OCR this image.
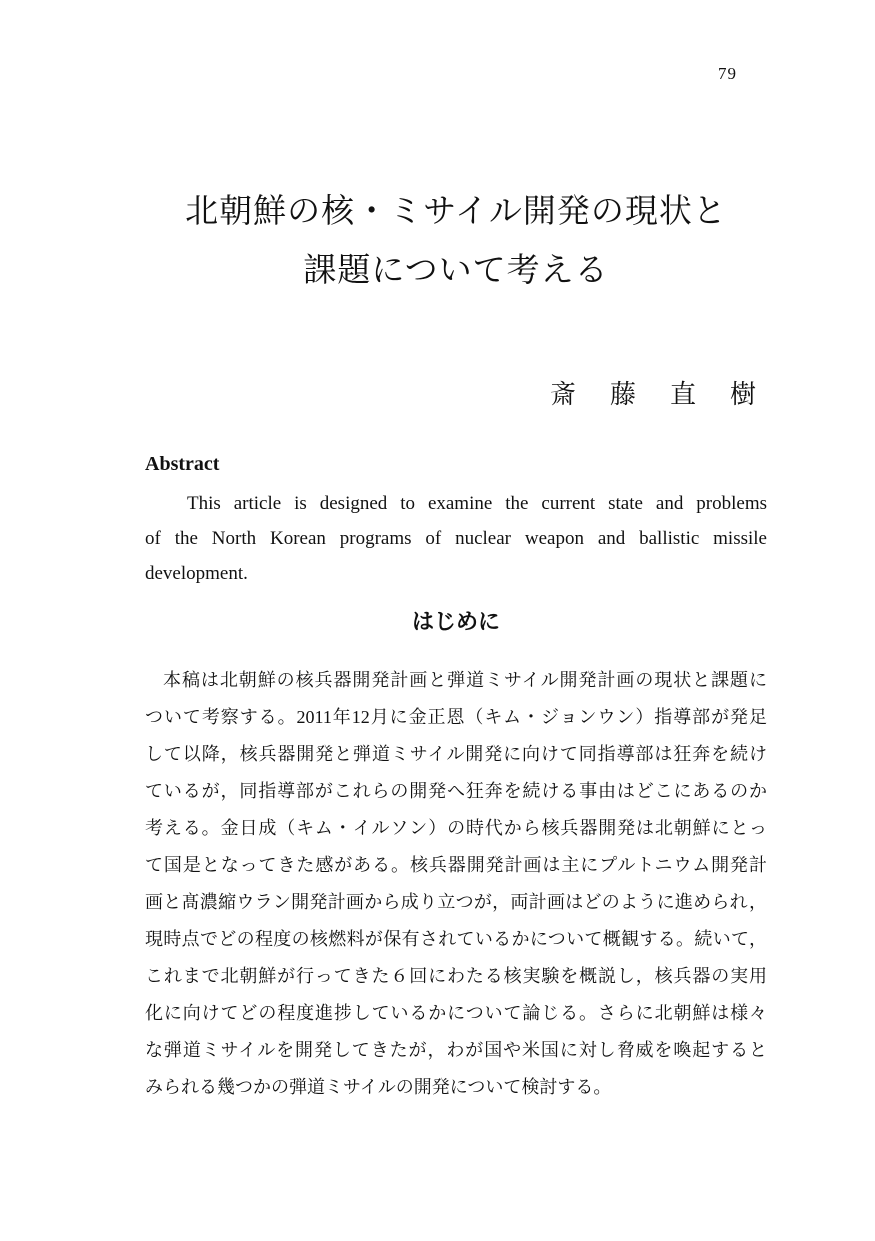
79
北朝鮮の核・ミサイル開発の現状と
課題について考える
斎　藤　直　樹
Abstract
This article is designed to examine the current state and problems
of the North Korean programs of nuclear weapon and ballistic missile
development.
はじめに
本稿は北朝鮮の核兵器開発計画と弾道ミサイル開発計画の現状と課題に
ついて考察する。2011年12月に金正恩（キム・ジョンウン）指導部が発足
して以降，核兵器開発と弾道ミサイル開発に向けて同指導部は狂奔を続け
ているが，同指導部がこれらの開発へ狂奔を続ける事由はどこにあるのか
考える。金日成（キム・イルソン）の時代から核兵器開発は北朝鮮にとっ
て国是となってきた感がある。核兵器開発計画は主にプルトニウム開発計
画と髙濃縮ウラン開発計画から成り立つが，両計画はどのように進められ，
現時点でどの程度の核燃料が保有されているかについて概観する。続いて，
これまで北朝鮮が行ってきた６回にわたる核実験を概説し，核兵器の実用
化に向けてどの程度進捗しているかについて論じる。さらに北朝鮮は様々
な弾道ミサイルを開発してきたが，わが国や米国に対し脅威を喚起すると
みられる幾つかの弾道ミサイルの開発について検討する。
